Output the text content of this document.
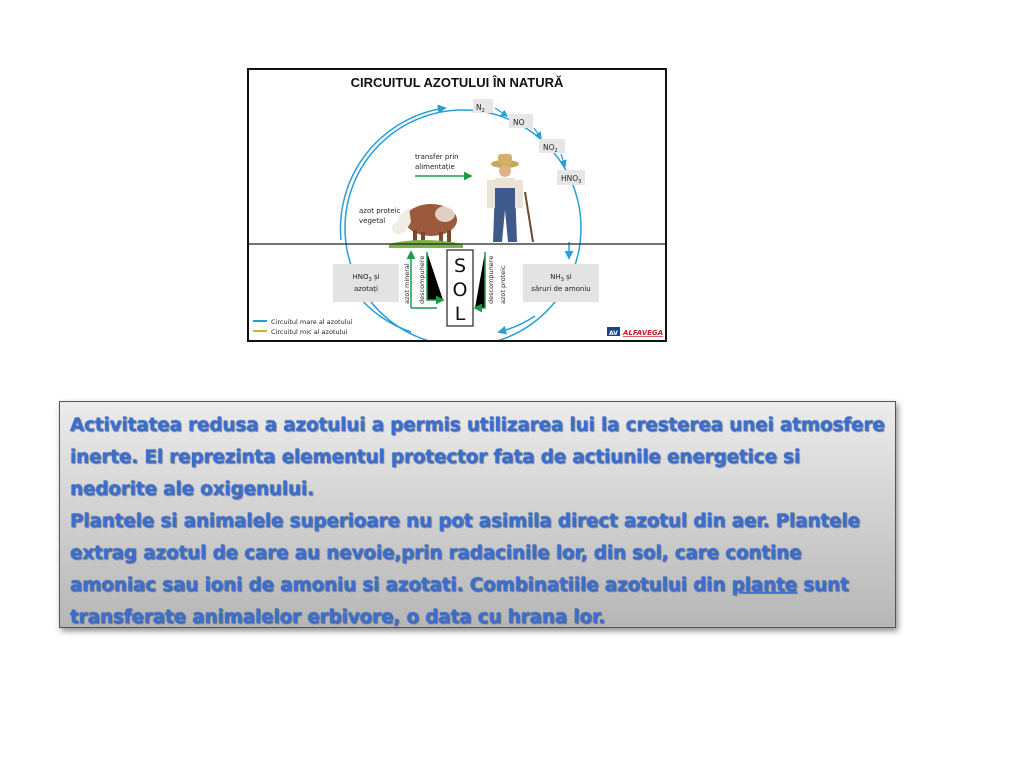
CIRCUITUL AZOTULUI ÎN NATURĂ
$N_2$
NO
$NO_2$
$HNO_3$
transfer prin
alimentație
azot proteic
vegetal
$HNO_3$ și
azotați
$NH_3$ și
săruri de amoniu
azot mineral descompunere	descompunere azot proteic
S
O
L
Circuitul mare al azotului
Circuitul mic al azotului	AV ALFAVEGA

Activitatea redusa a azotului a permis utilizarea lui la cresterea unei atmosfere inerte. El reprezinta elementul protector fata de actiunile energetice si nedorite ale oxigenului.

Plantele si animalele superioare nu pot asimila direct azotul din aer. Plantele extrag azotul de care au nevoie,prin radacinile lor, din sol, care contine amoniac sau ioni de amoniu si azotati. Combinatiile azotului din plante sunt transferate animalelor erbivore, o data cu hrana lor.
